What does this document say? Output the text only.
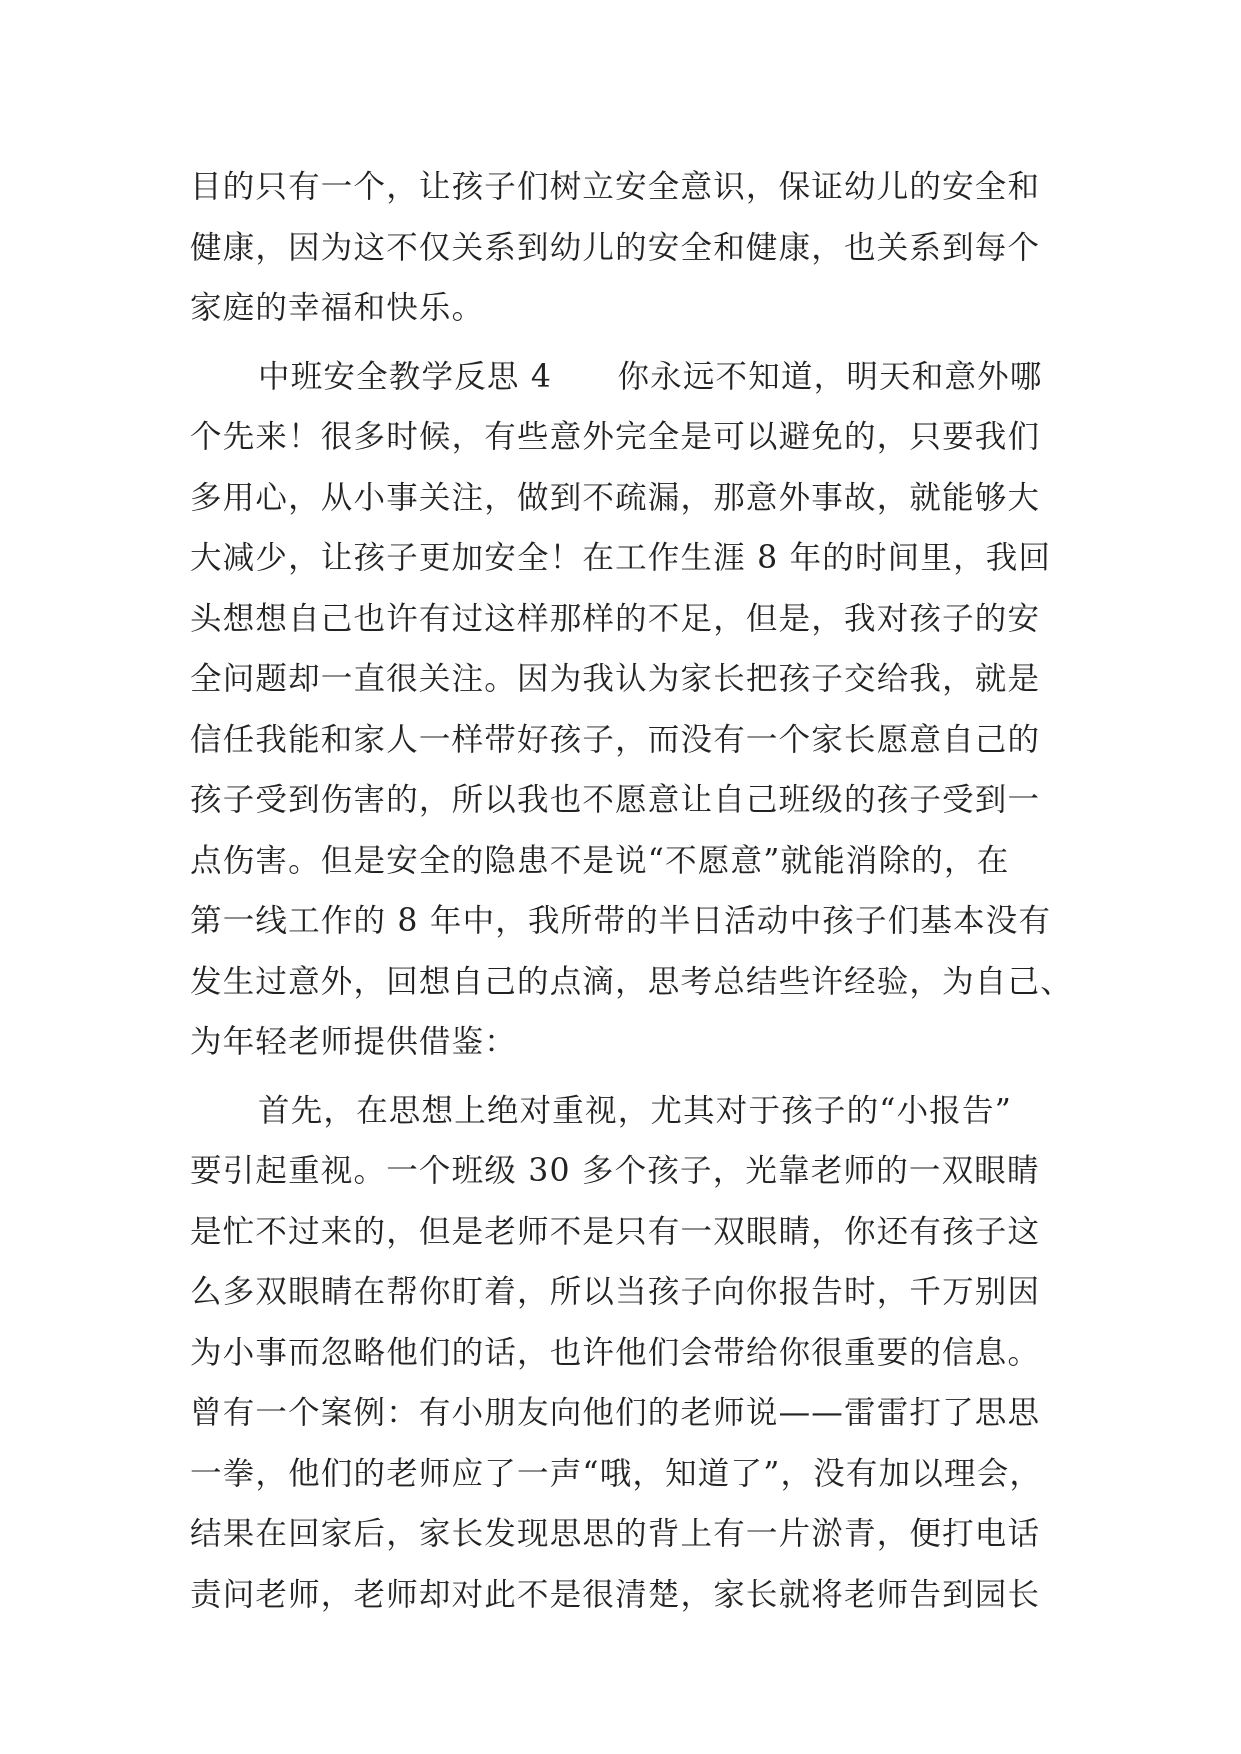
目的只有一个，让孩子们树立安全意识，保证幼儿的安全和
健康，因为这不仅关系到幼儿的安全和健康，也关系到每个
家庭的幸福和快乐。
中班安全教学反思 4　　你永远不知道，明天和意外哪
个先来！很多时候，有些意外完全是可以避免的，只要我们
多用心，从小事关注，做到不疏漏，那意外事故，就能够大
大减少，让孩子更加安全！在工作生涯 8 年的时间里，我回
头想想自己也许有过这样那样的不足，但是，我对孩子的安
全问题却一直很关注。因为我认为家长把孩子交给我，就是
信任我能和家人一样带好孩子，而没有一个家长愿意自己的
孩子受到伤害的，所以我也不愿意让自己班级的孩子受到一
点伤害。但是安全的隐患不是说“不愿意”就能消除的，在
第一线工作的 8 年中，我所带的半日活动中孩子们基本没有
发生过意外，回想自己的点滴，思考总结些许经验，为自己、
为年轻老师提供借鉴：
首先，在思想上绝对重视，尤其对于孩子的“小报告”
要引起重视。一个班级 30 多个孩子，光靠老师的一双眼睛
是忙不过来的，但是老师不是只有一双眼睛，你还有孩子这
么多双眼睛在帮你盯着，所以当孩子向你报告时，千万别因
为小事而忽略他们的话，也许他们会带给你很重要的信息。
曾有一个案例：有小朋友向他们的老师说——雷雷打了思思
一拳，他们的老师应了一声“哦，知道了”，没有加以理会，
结果在回家后，家长发现思思的背上有一片淤青，便打电话
责问老师，老师却对此不是很清楚，家长就将老师告到园长
